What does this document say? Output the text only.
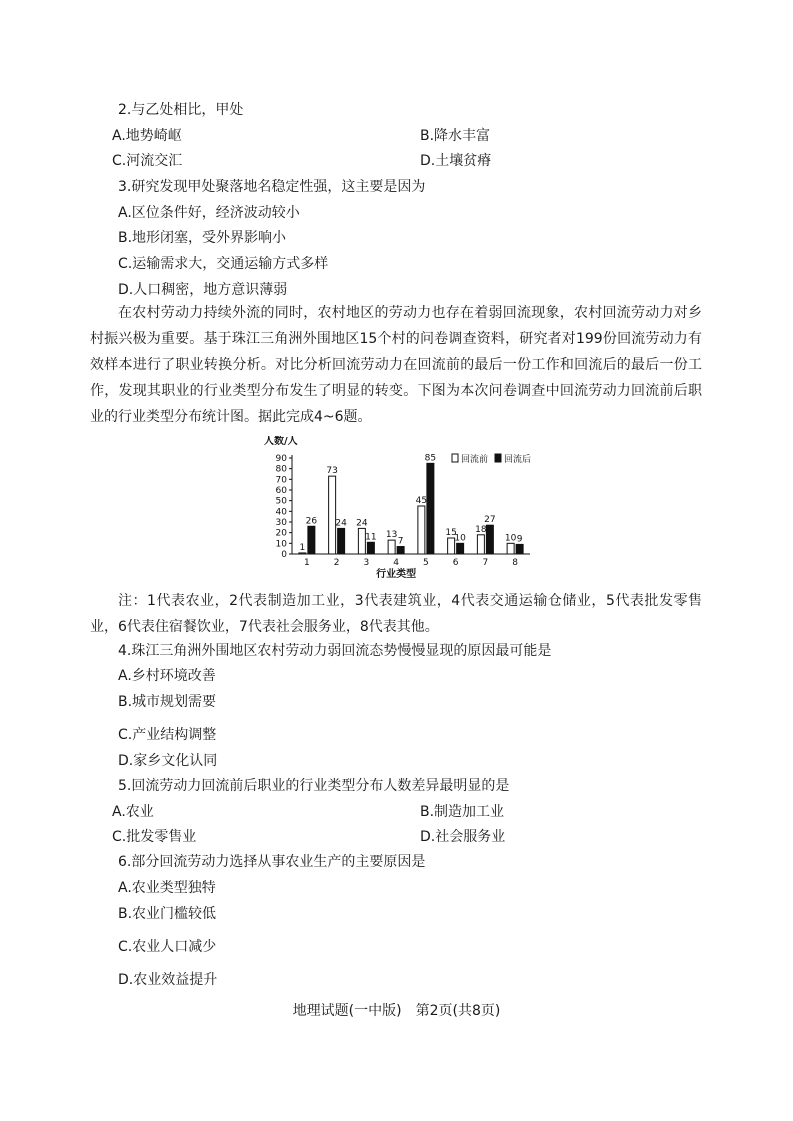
2.与乙处相比，甲处
A.地势崎岖	B.降水丰富
C.河流交汇	D.土壤贫瘠
3.研究发现甲处聚落地名稳定性强，这主要是因为
A.区位条件好，经济波动较小
B.地形闭塞，受外界影响小
C.运输需求大，交通运输方式多样
D.人口稠密，地方意识薄弱
在农村劳动力持续外流的同时，农村地区的劳动力也存在着弱回流现象，农村回流劳动力对乡村振兴极为重要。基于珠江三角洲外围地区15个村的问卷调查资料，研究者对199份回流劳动力有效样本进行了职业转换分析。对比分析回流劳动力在回流前的最后一份工作和回流后的最后一份工作，发现其职业的行业类型分布发生了明显的转变。下图为本次问卷调查中回流劳动力回流前后职业的行业类型分布统计图。据此完成4~6题。
人数/人
0
10
20
30
40
50
60
70
80
90
1
26
1
73
24
2
24
11
3
13
7
4
45
85
5
15
10
6
18
27
7
10 9
8
行业类型
回流前 回流后
注：1代表农业，2代表制造加工业，3代表建筑业，4代表交通运输仓储业，5代表批发零售业，6代表住宿餐饮业，7代表社会服务业，8代表其他。
4.珠江三角洲外围地区农村劳动力弱回流态势慢慢显现的原因最可能是
A.乡村环境改善
B.城市规划需要
C.产业结构调整
D.家乡文化认同
5.回流劳动力回流前后职业的行业类型分布人数差异最明显的是
A.农业	B.制造加工业
C.批发零售业	D.社会服务业
6.部分回流劳动力选择从事农业生产的主要原因是
A.农业类型独特
B.农业门槛较低
C.农业人口减少
D.农业效益提升
地理试题(一中版)　第2页(共8页)
